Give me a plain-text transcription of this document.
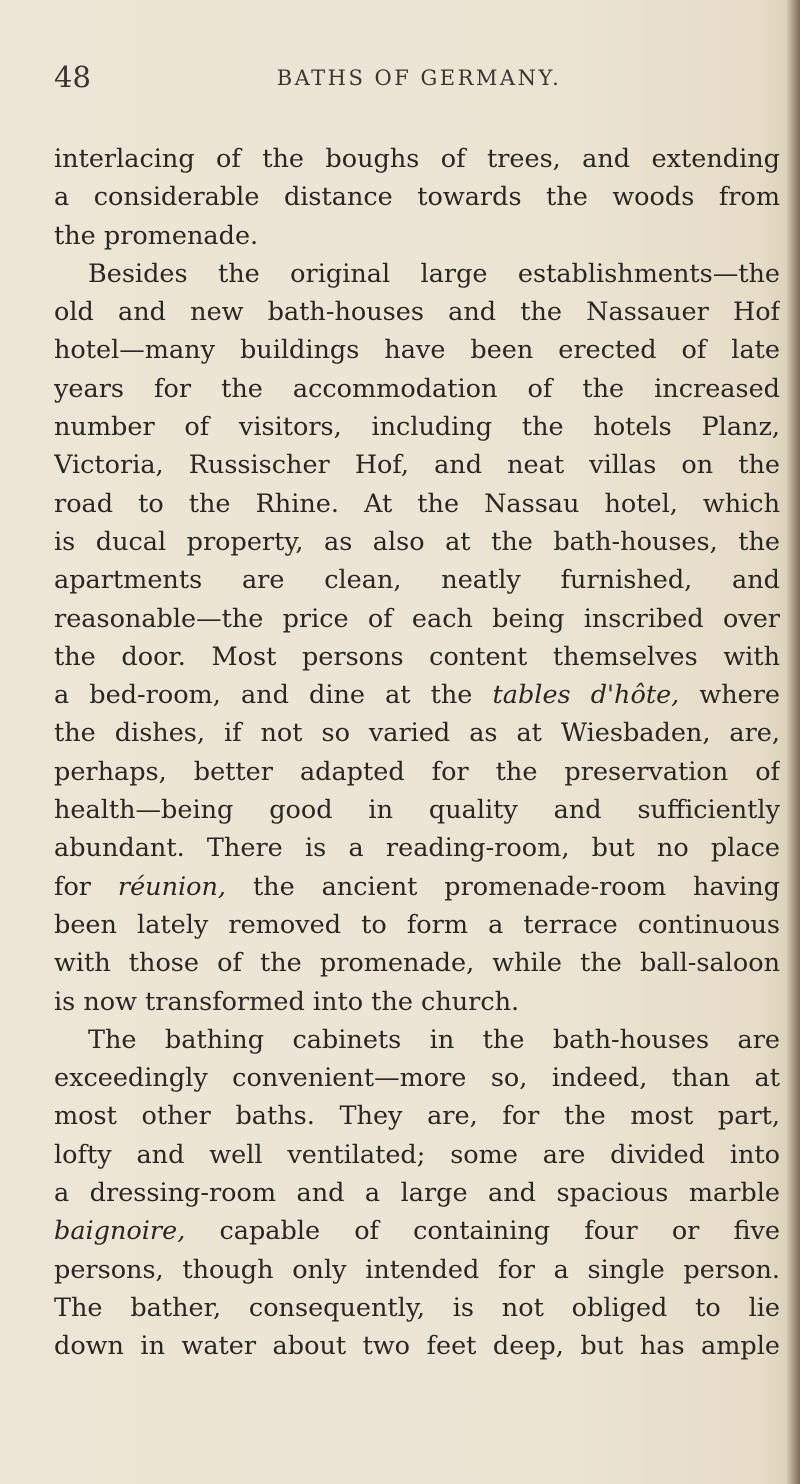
48	BATHS OF GERMANY.
interlacing of the boughs of trees, and extending
a considerable distance towards the woods from
the promenade.
Besides the original large establishments—the
old and new bath-houses and the Nassauer Hof
hotel—many buildings have been erected of late
years for the accommodation of the increased
number of visitors, including the hotels Planz,
Victoria, Russischer Hof, and neat villas on the
road to the Rhine. At the Nassau hotel, which
is ducal property, as also at the bath-houses, the
apartments are clean, neatly furnished, and
reasonable—the price of each being inscribed over
the door. Most persons content themselves with
a bed-room, and dine at the tables d'hôte, where
the dishes, if not so varied as at Wiesbaden, are,
perhaps, better adapted for the preservation of
health—being good in quality and sufficiently
abundant. There is a reading-room, but no place
for réunion, the ancient promenade-room having
been lately removed to form a terrace continuous
with those of the promenade, while the ball-saloon
is now transformed into the church.
The bathing cabinets in the bath-houses are
exceedingly convenient—more so, indeed, than at
most other baths. They are, for the most part,
lofty and well ventilated; some are divided into
a dressing-room and a large and spacious marble
baignoire, capable of containing four or five
persons, though only intended for a single person.
The bather, consequently, is not obliged to lie
down in water about two feet deep, but has ample
